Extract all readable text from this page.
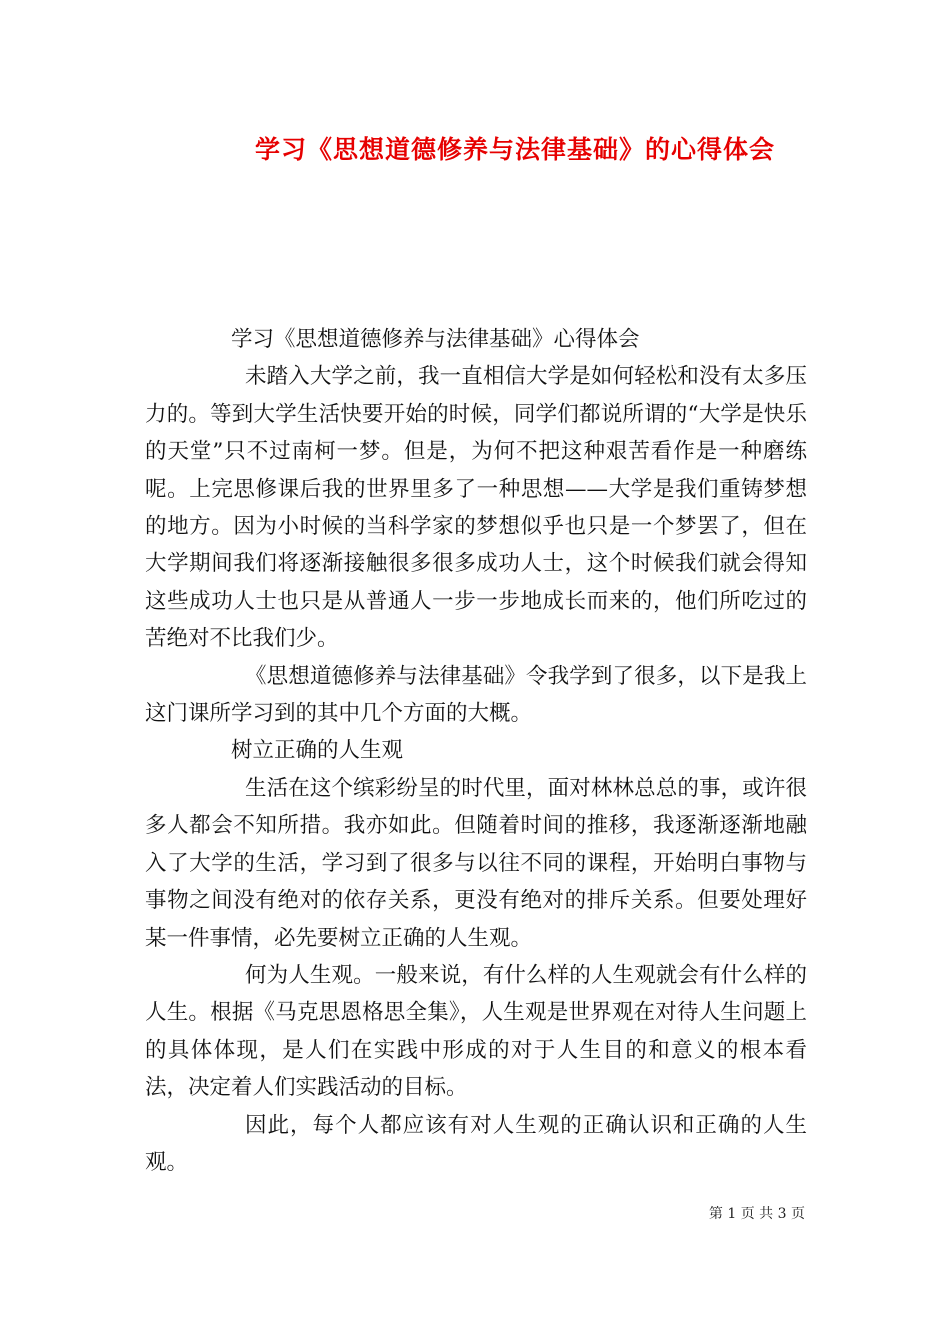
学习《思想道德修养与法律基础》的心得体会

学习《思想道德修养与法律基础》心得体会

未踏入大学之前，我一直相信大学是如何轻松和没有太多压力的。等到大学生活快要开始的时候，同学们都说所谓的“大学是快乐的天堂”只不过南柯一梦。但是，为何不把这种艰苦看作是一种磨练呢。上完思修课后我的世界里多了一种思想——大学是我们重铸梦想的地方。因为小时候的当科学家的梦想似乎也只是一个梦罢了，但在大学期间我们将逐渐接触很多很多成功人士，这个时候我们就会得知这些成功人士也只是从普通人一步一步地成长而来的，他们所吃过的苦绝对不比我们少。

《思想道德修养与法律基础》令我学到了很多，以下是我上这门课所学习到的其中几个方面的大概。

树立正确的人生观

生活在这个缤彩纷呈的时代里，面对林林总总的事，或许很多人都会不知所措。我亦如此。但随着时间的推移，我逐渐逐渐地融入了大学的生活，学习到了很多与以往不同的课程，开始明白事物与事物之间没有绝对的依存关系，更没有绝对的排斥关系。但要处理好某一件事情，必先要树立正确的人生观。

何为人生观。一般来说，有什么样的人生观就会有什么样的人生。根据《马克思恩格思全集》，人生观是世界观在对待人生问题上的具体体现，是人们在实践中形成的对于人生目的和意义的根本看法，决定着人们实践活动的目标。

因此，每个人都应该有对人生观的正确认识和正确的人生观。

第 1 页 共 3 页
